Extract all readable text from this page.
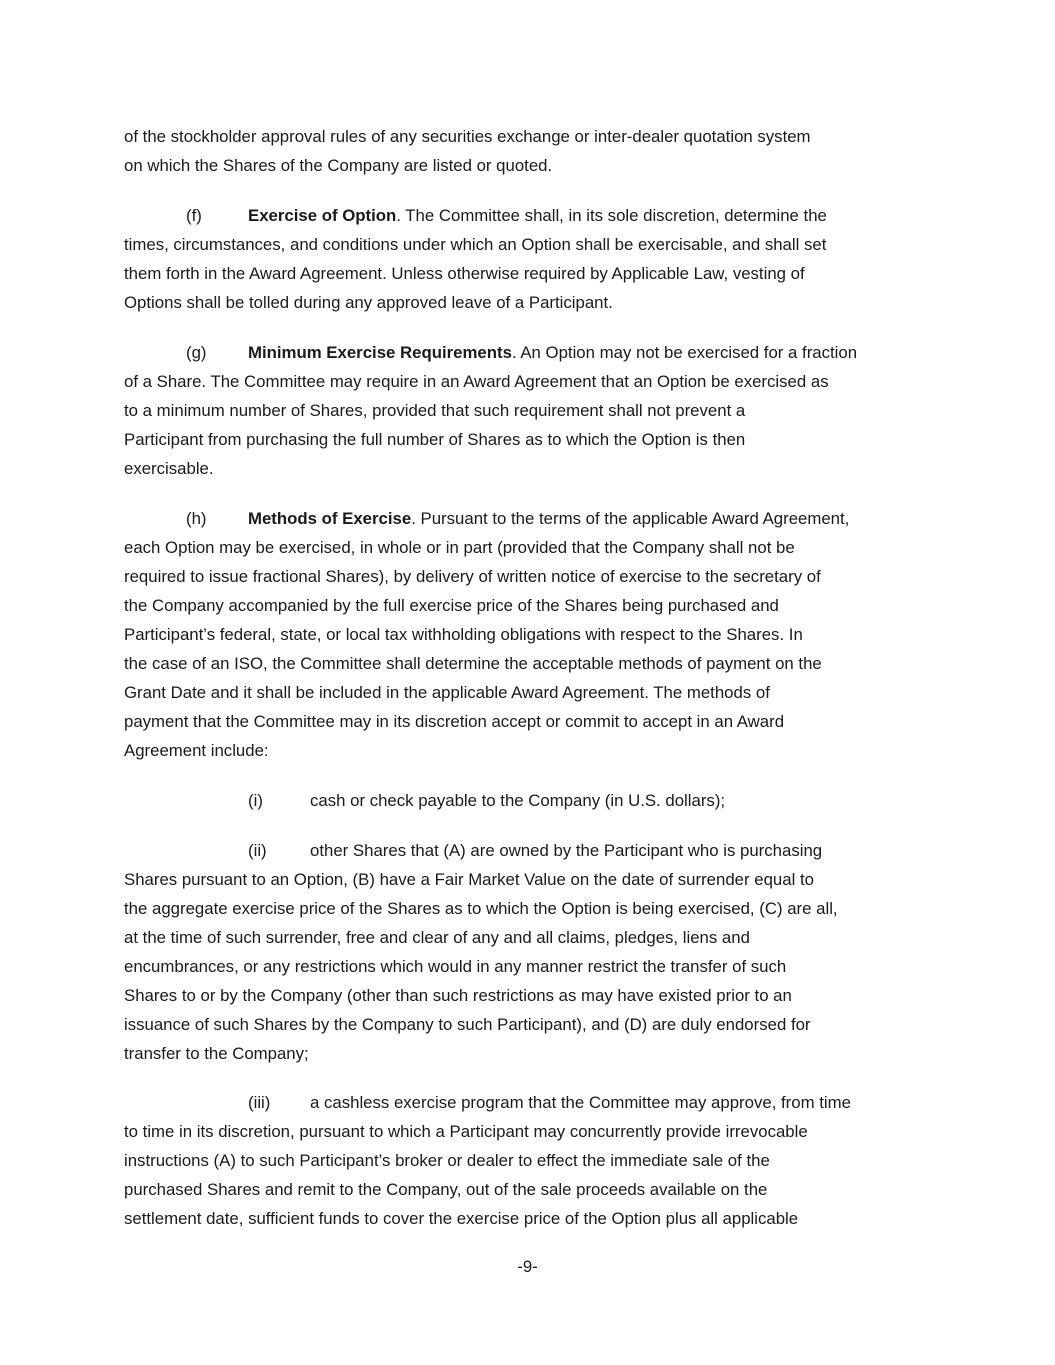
of the stockholder approval rules of any securities exchange or inter-dealer quotation system
on which the Shares of the Company are listed or quoted.
(f)	Exercise of Option. The Committee shall, in its sole discretion, determine the
times, circumstances, and conditions under which an Option shall be exercisable, and shall set
them forth in the Award Agreement. Unless otherwise required by Applicable Law, vesting of
Options shall be tolled during any approved leave of a Participant.
(g) Minimum Exercise Requirements. An Option may not be exercised for a fraction
of a Share. The Committee may require in an Award Agreement that an Option be exercised as
to a minimum number of Shares, provided that such requirement shall not prevent a
Participant from purchasing the full number of Shares as to which the Option is then
exercisable.
(h) Methods of Exercise. Pursuant to the terms of the applicable Award Agreement,
each Option may be exercised, in whole or in part (provided that the Company shall not be
required to issue fractional Shares), by delivery of written notice of exercise to the secretary of
the Company accompanied by the full exercise price of the Shares being purchased and
Participant’s federal, state, or local tax withholding obligations with respect to the Shares. In
the case of an ISO, the Committee shall determine the acceptable methods of payment on the
Grant Date and it shall be included in the applicable Award Agreement. The methods of
payment that the Committee may in its discretion accept or commit to accept in an Award
Agreement include:
(i)	cash or check payable to the Company (in U.S. dollars);
(ii)	other Shares that (A) are owned by the Participant who is purchasing
Shares pursuant to an Option, (B) have a Fair Market Value on the date of surrender equal to
the aggregate exercise price of the Shares as to which the Option is being exercised, (C) are all,
at the time of such surrender, free and clear of any and all claims, pledges, liens and
encumbrances, or any restrictions which would in any manner restrict the transfer of such
Shares to or by the Company (other than such restrictions as may have existed prior to an
issuance of such Shares by the Company to such Participant), and (D) are duly endorsed for
transfer to the Company;
(iii) a cashless exercise program that the Committee may approve, from time
to time in its discretion, pursuant to which a Participant may concurrently provide irrevocable
instructions (A) to such Participant’s broker or dealer to effect the immediate sale of the
purchased Shares and remit to the Company, out of the sale proceeds available on the
settlement date, sufficient funds to cover the exercise price of the Option plus all applicable
-9-
